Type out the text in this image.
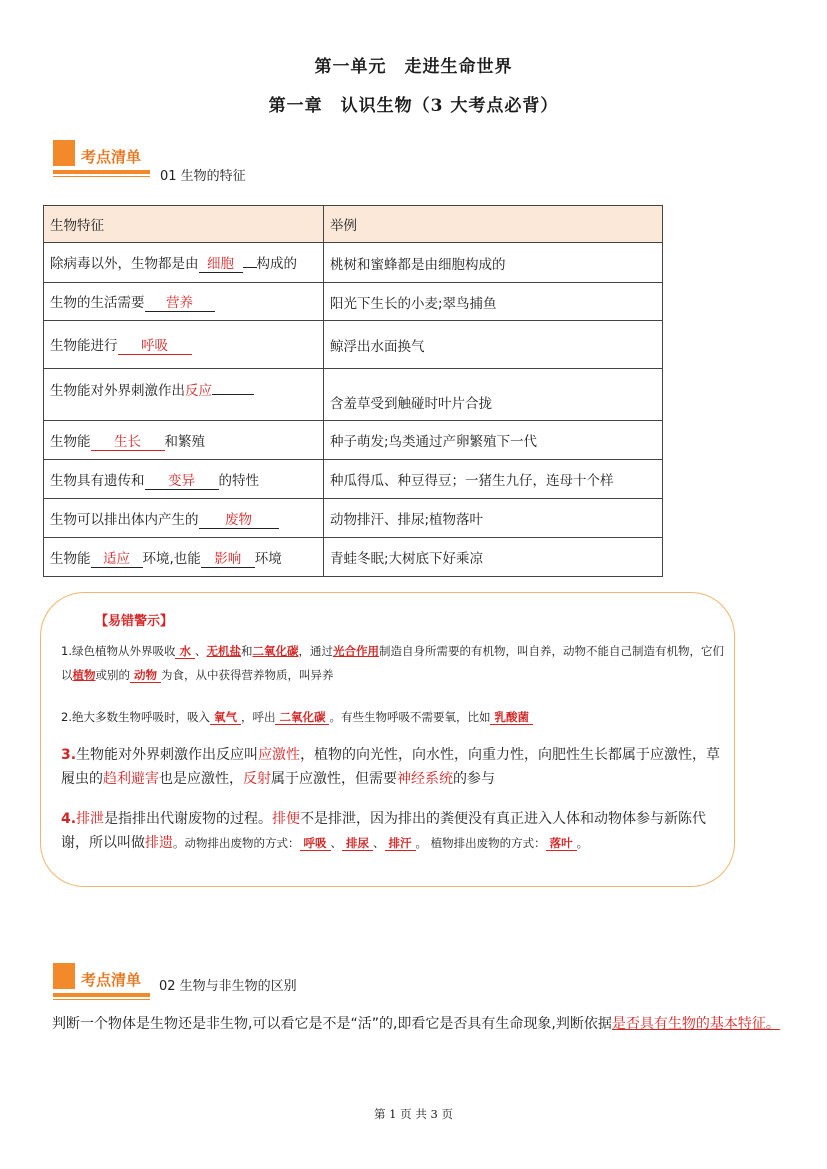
第一单元　走进生命世界
第一章　认识生物（3 大考点必背）
考点清单
01 生物的特征
生物特征	举例
除病毒以外，生物都是由 细胞 构成的	桃树和蜜蜂都是由细胞构成的
生物的生活需要 营养	阳光下生长的小麦;翠鸟捕鱼
生物能进行 呼吸	鲸浮出水面换气
生物能对外界刺激作出反应	含羞草受到触碰时叶片合拢
生物能 生长 和繁殖	种子萌发;鸟类通过产卵繁殖下一代
生物具有遗传和 变异 的特性	种瓜得瓜、种豆得豆；一猪生九仔，连母十个样
生物可以排出体内产生的 废物	动物排汗、排尿;植物落叶
生物能 适应 环境,也能 影响 环境	青蛙冬眠;大树底下好乘凉
【易错警示】
1.绿色植物从外界吸收 水 、无机盐和二氧化碳，通过光合作用制造自身所需要的有机物，叫自养，动物不能自己制造有机物，它们以植物或别的 动物 为食，从中获得营养物质，叫异养
2.绝大多数生物呼吸时，吸入 氧气 ，呼出 二氧化碳 。有些生物呼吸不需要氧，比如 乳酸菌
3.生物能对外界刺激作出反应叫应激性，植物的向光性，向水性，向重力性，向肥性生长都属于应激性，草履虫的趋利避害也是应激性，反射属于应激性，但需要神经系统的参与
4.排泄是指排出代谢废物的过程。排便不是排泄，因为排出的粪便没有真正进入人体和动物体参与新陈代谢，所以叫做排遗。动物排出废物的方式： 呼吸 、 排尿 、 排汗 。 植物排出废物的方式： 落叶 。
考点清单 02 生物与非生物的区别
判断一个物体是生物还是非生物,可以看它是不是“活”的,即看它是否具有生命现象,判断依据是否具有生物的基本特征。
第 1 页 共 3 页
